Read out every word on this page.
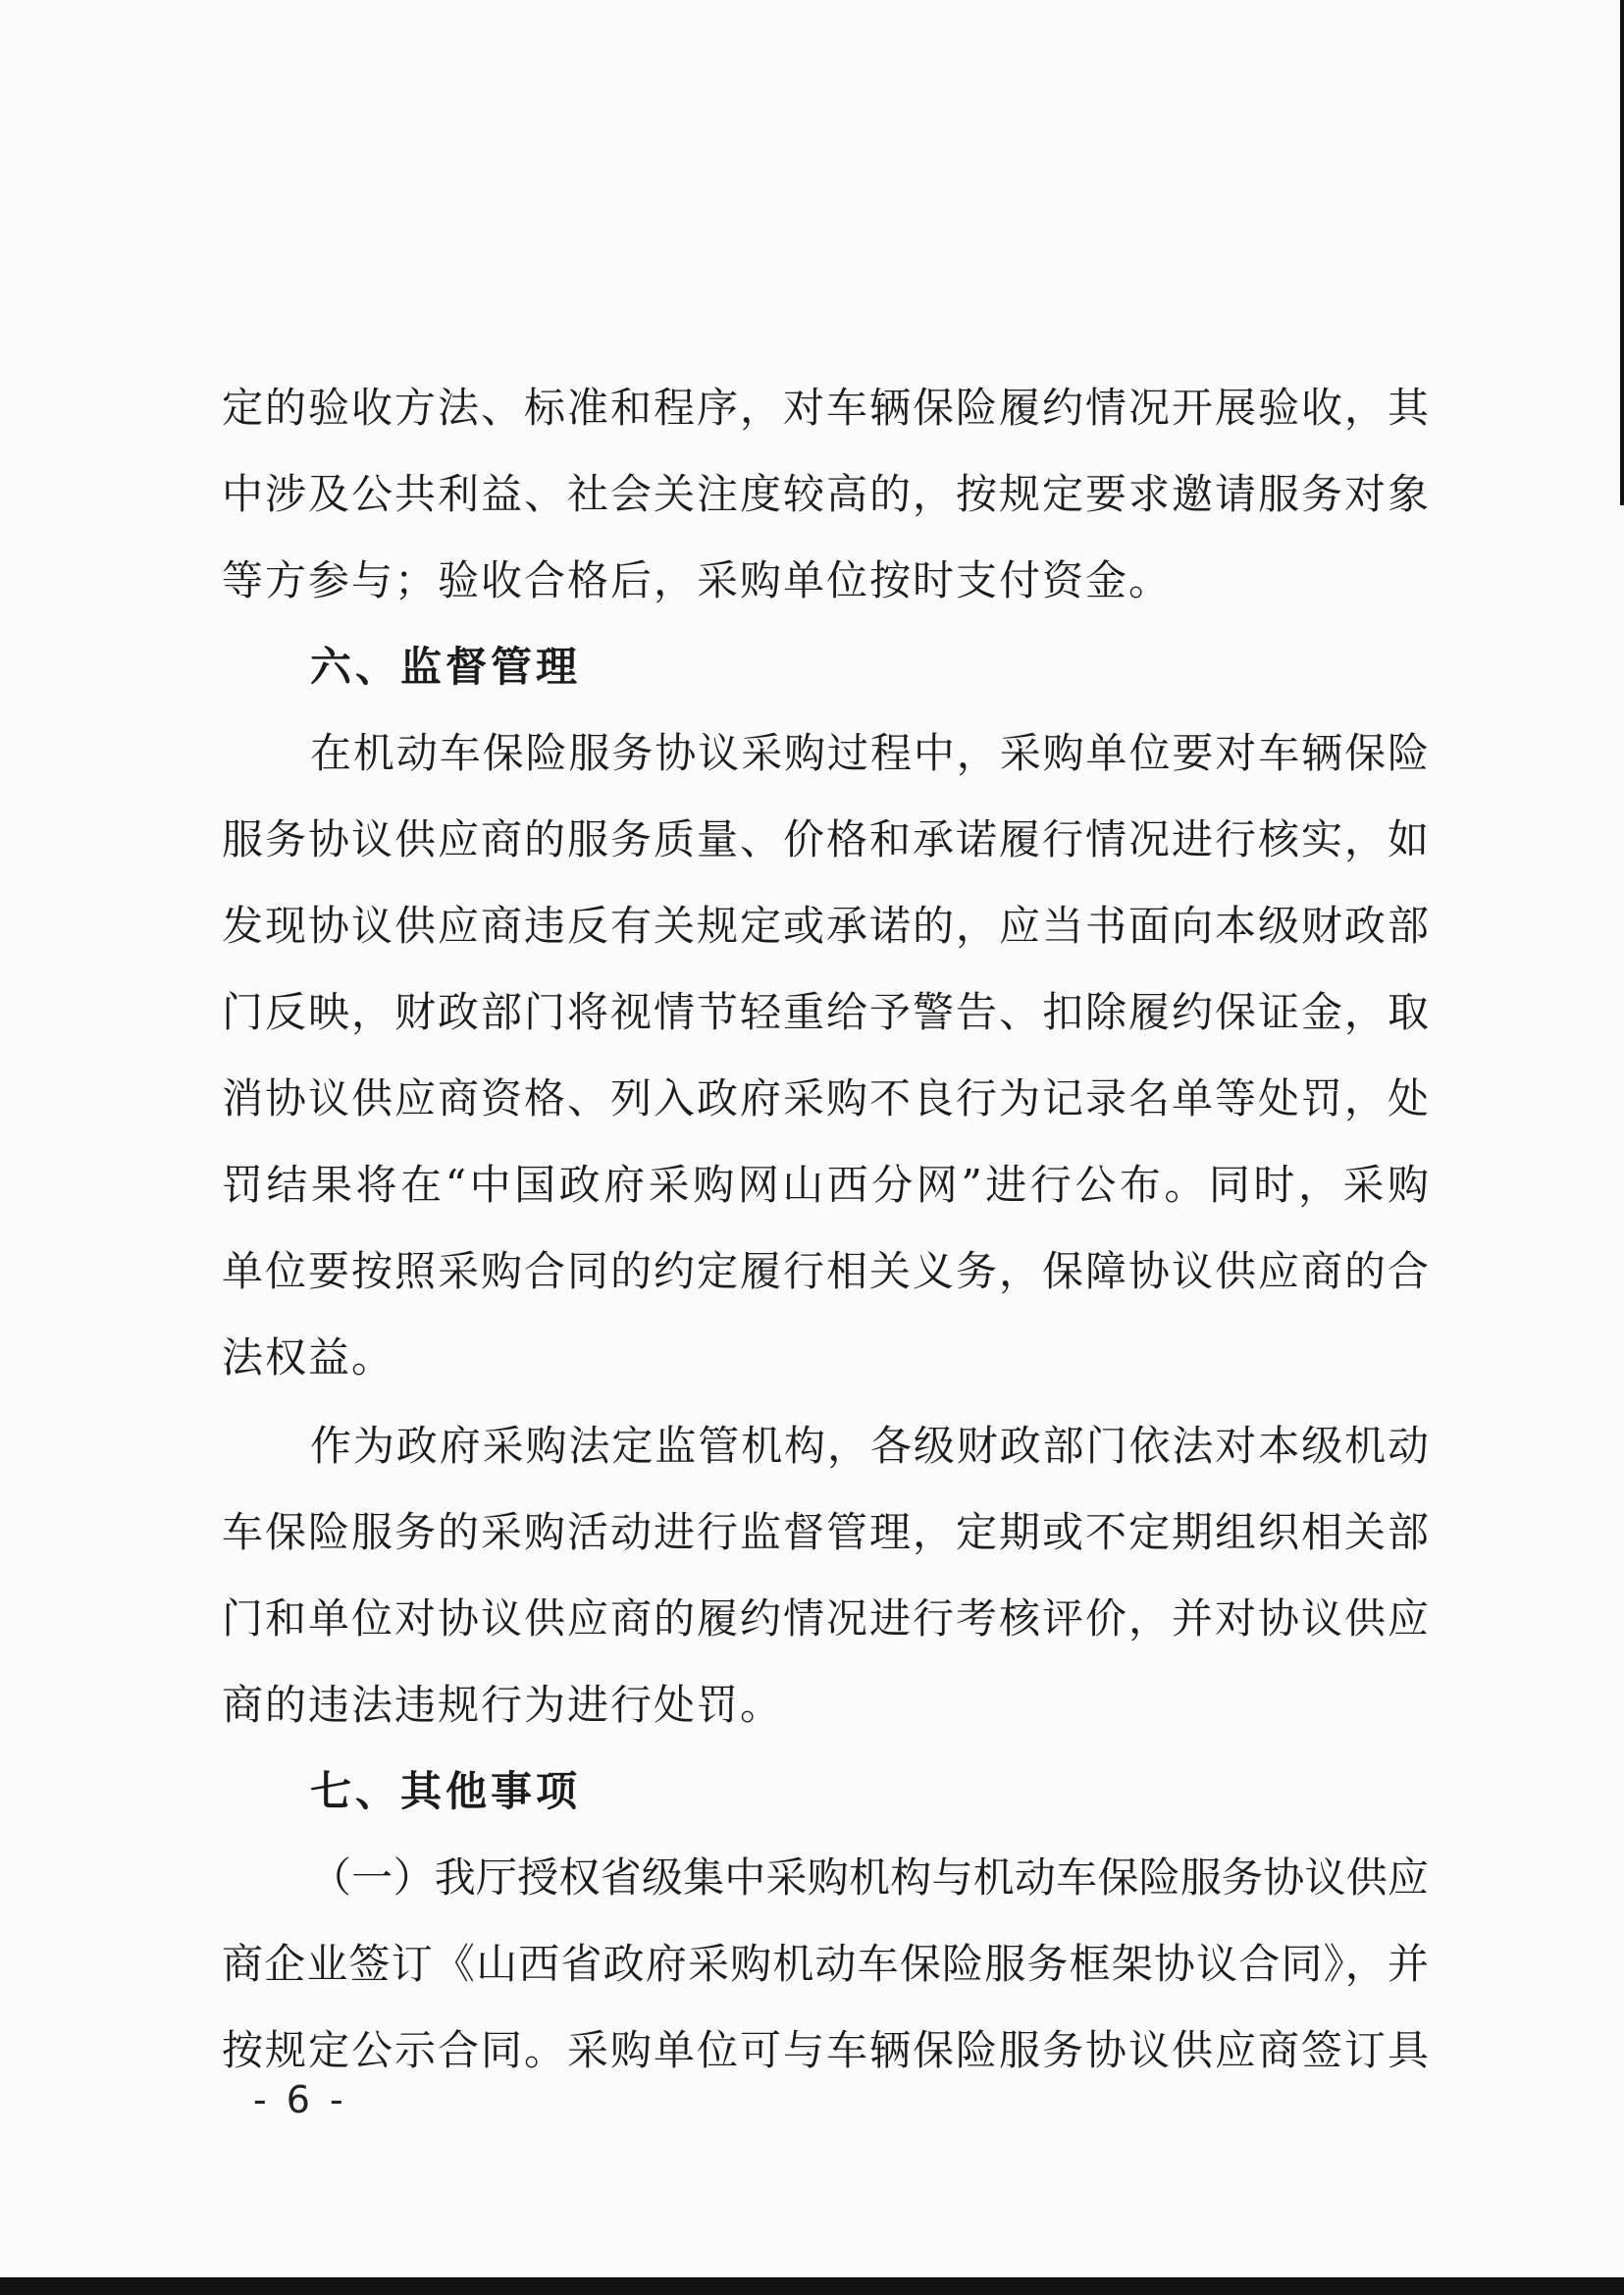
定的验收方法、标准和程序，对车辆保险履约情况开展验收，其
中涉及公共利益、社会关注度较高的，按规定要求邀请服务对象
等方参与；验收合格后，采购单位按时支付资金。
六、监督管理
在机动车保险服务协议采购过程中，采购单位要对车辆保险
服务协议供应商的服务质量、价格和承诺履行情况进行核实，如
发现协议供应商违反有关规定或承诺的，应当书面向本级财政部
门反映，财政部门将视情节轻重给予警告、扣除履约保证金，取
消协议供应商资格、列入政府采购不良行为记录名单等处罚，处
罚结果将在“中国政府采购网山西分网”进行公布。同时，采购
单位要按照采购合同的约定履行相关义务，保障协议供应商的合
法权益。
作为政府采购法定监管机构，各级财政部门依法对本级机动
车保险服务的采购活动进行监督管理，定期或不定期组织相关部
门和单位对协议供应商的履约情况进行考核评价，并对协议供应
商的违法违规行为进行处罚。
七、其他事项
（一）我厅授权省级集中采购机构与机动车保险服务协议供应
商企业签订《山西省政府采购机动车保险服务框架协议合同》，并
按规定公示合同。采购单位可与车辆保险服务协议供应商签订具
- 6 -
